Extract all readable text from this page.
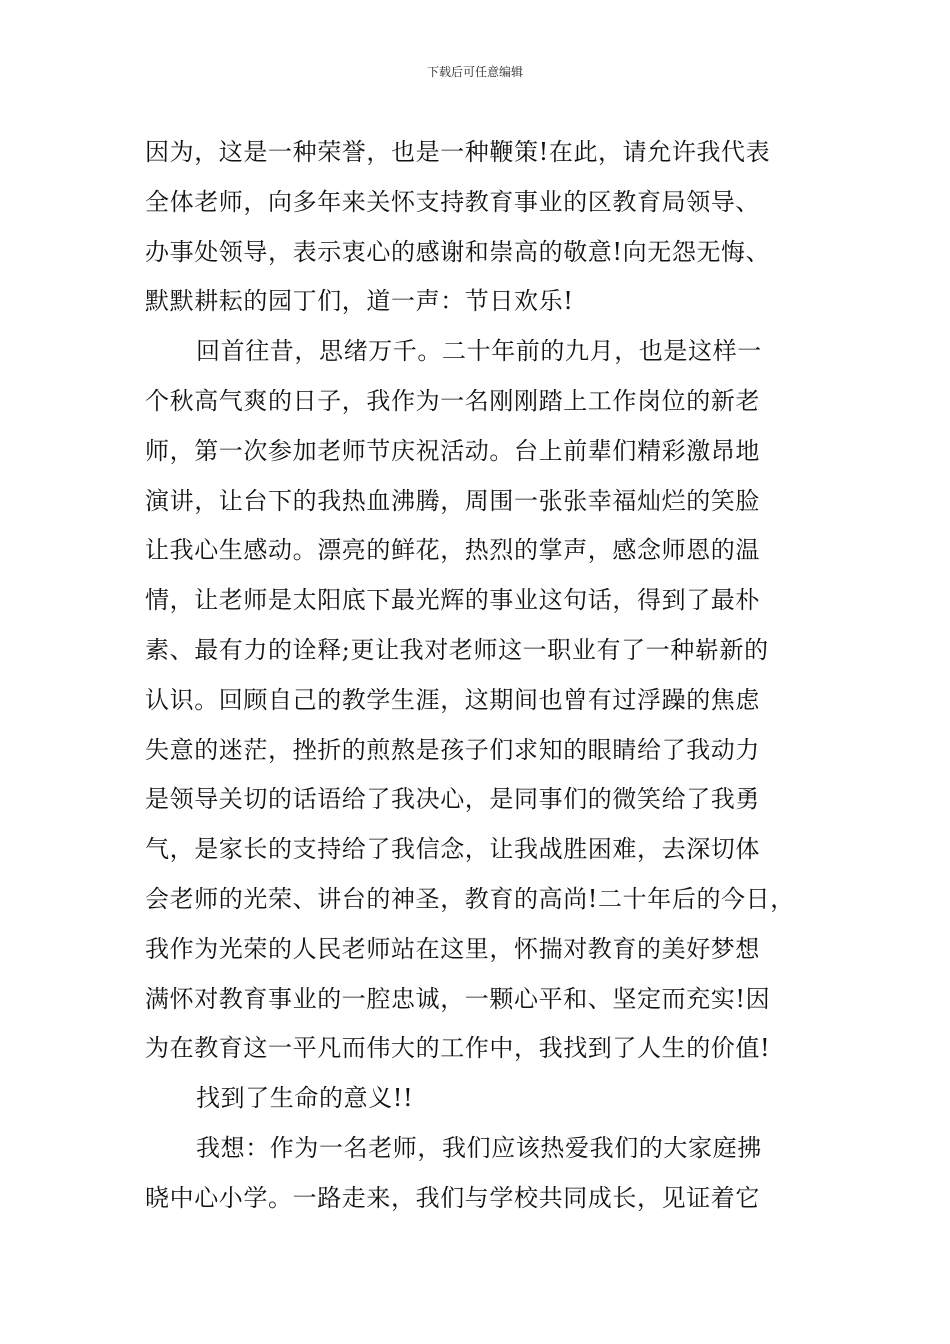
下载后可任意编辑
因为，这是一种荣誉，也是一种鞭策!在此，请允许我代表
全体老师，向多年来关怀支持教育事业的区教育局领导、
办事处领导，表示衷心的感谢和崇高的敬意!向无怨无悔、
默默耕耘的园丁们，道一声：节日欢乐!
回首往昔，思绪万千。二十年前的九月，也是这样一
个秋高气爽的日子，我作为一名刚刚踏上工作岗位的新老
师，第一次参加老师节庆祝活动。台上前辈们精彩激昂地
演讲，让台下的我热血沸腾，周围一张张幸福灿烂的笑脸
让我心生感动。漂亮的鲜花，热烈的掌声，感念师恩的温
情，让老师是太阳底下最光辉的事业这句话，得到了最朴
素、最有力的诠释;更让我对老师这一职业有了一种崭新的
认识。回顾自己的教学生涯，这期间也曾有过浮躁的焦虑
失意的迷茫，挫折的煎熬是孩子们求知的眼睛给了我动力
是领导关切的话语给了我决心，是同事们的微笑给了我勇
气，是家长的支持给了我信念，让我战胜困难，去深切体
会老师的光荣、讲台的神圣，教育的高尚!二十年后的今日，
我作为光荣的人民老师站在这里，怀揣对教育的美好梦想
满怀对教育事业的一腔忠诚，一颗心平和、坚定而充实!因
为在教育这一平凡而伟大的工作中，我找到了人生的价值!
找到了生命的意义!!
我想：作为一名老师，我们应该热爱我们的大家庭拂
晓中心小学。一路走来，我们与学校共同成长，见证着它
